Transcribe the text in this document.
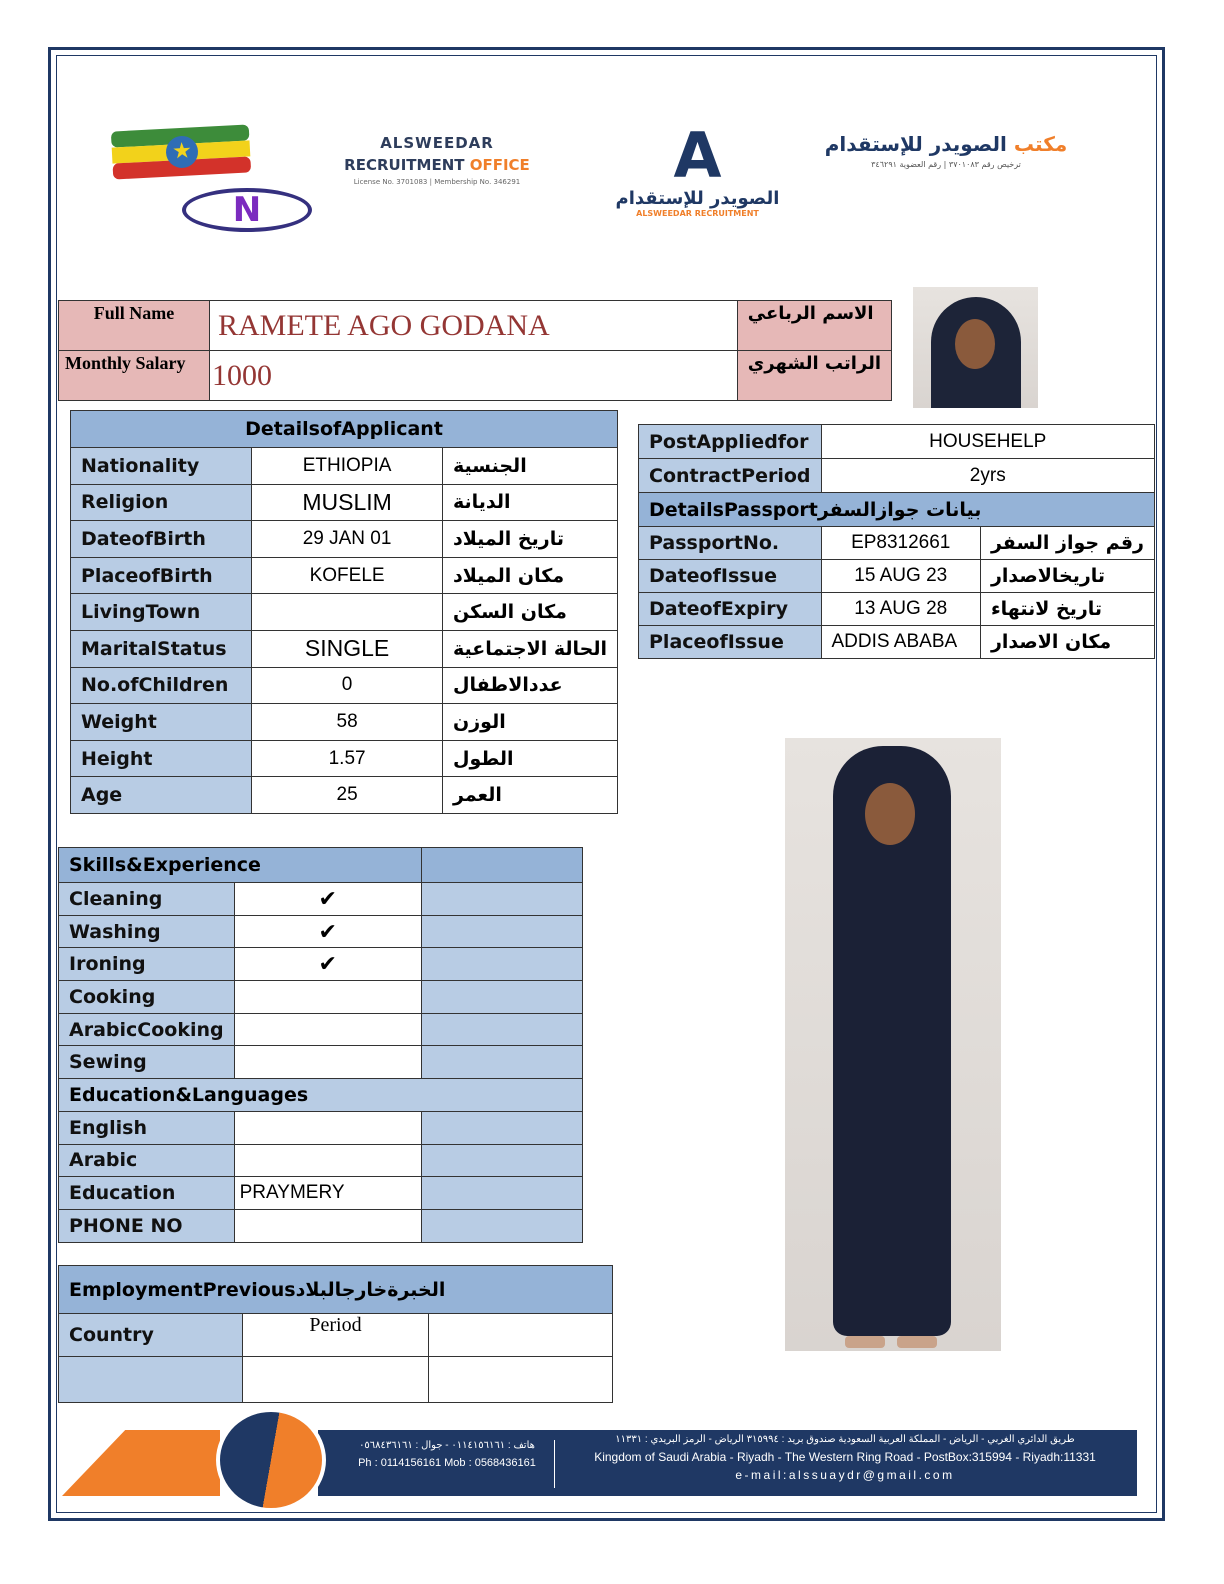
★
N
ALSWEEDAR
RECRUITMENT OFFICE
License No. 3701083 | Membership No. 346291	A
الصويدر للإستقدام
ALSWEEDAR RECRUITMENT
مكتب الصويدر للإستقدام
ترخيص رقم ٣٧٠١٠٨٣ | رقم العضوية ٣٤٦٢٩١
Full Name	RAMETE AGO GODANA	الاسم الرباعي
Monthly Salary	1000	الراتب الشهري
DetailsofApplicant		
Nationality	ETHIOPIA	الجنسية
Religion	MUSLIM	الديانة
DateofBirth	29 JAN 01	تاريخ الميلاد
PlaceofBirth	KOFELE	مكان الميلاد
LivingTown		مكان السكن
MaritalStatus	SINGLE	الحالة الاجتماعية
No.ofChildren	0	عددالاطفال
Weight	58	الوزن
Height	1.57	الطول
Age	25	العمر
PostAppliedfor	HOUSEHELP	
ContractPeriod	2yrs	
DetailsPassportبيانات جوازالسفر		
PassportNo.	EP8312661	رقم جواز السفر
DateofIssue	15 AUG 23	تاريخالاصدار
DateofExpiry	13 AUG 28	تاريخ لانتهاء
PlaceofIssue	ADDIS ABABA	مكان الاصدار
Skills&Experience		
Cleaning	✔	
Washing	✔	
Ironing	✔	
Cooking		
ArabicCooking		
Sewing		
Education&Languages		
English		
Arabic		
Education	PRAYMERY	
PHONE NO		
EmploymentPreviousالخبرةخارجالبلاد		
Country	Period	

هاتف : ٠١١٤١٥٦١٦١ - جوال : ٠٥٦٨٤٣٦١٦١
Ph : 0114156161 Mob : 0568436161
طريق الدائري الغربي - الرياض - المملكة العربية السعودية صندوق بريد : ٣١٥٩٩٤ الرياض - الرمز البريدي : ١١٣٣١
Kingdom of Saudi Arabia - Riyadh - The Western Ring Road - PostBox:315994 - Riyadh:11331
e-mail:alssuaydr@gmail.com
